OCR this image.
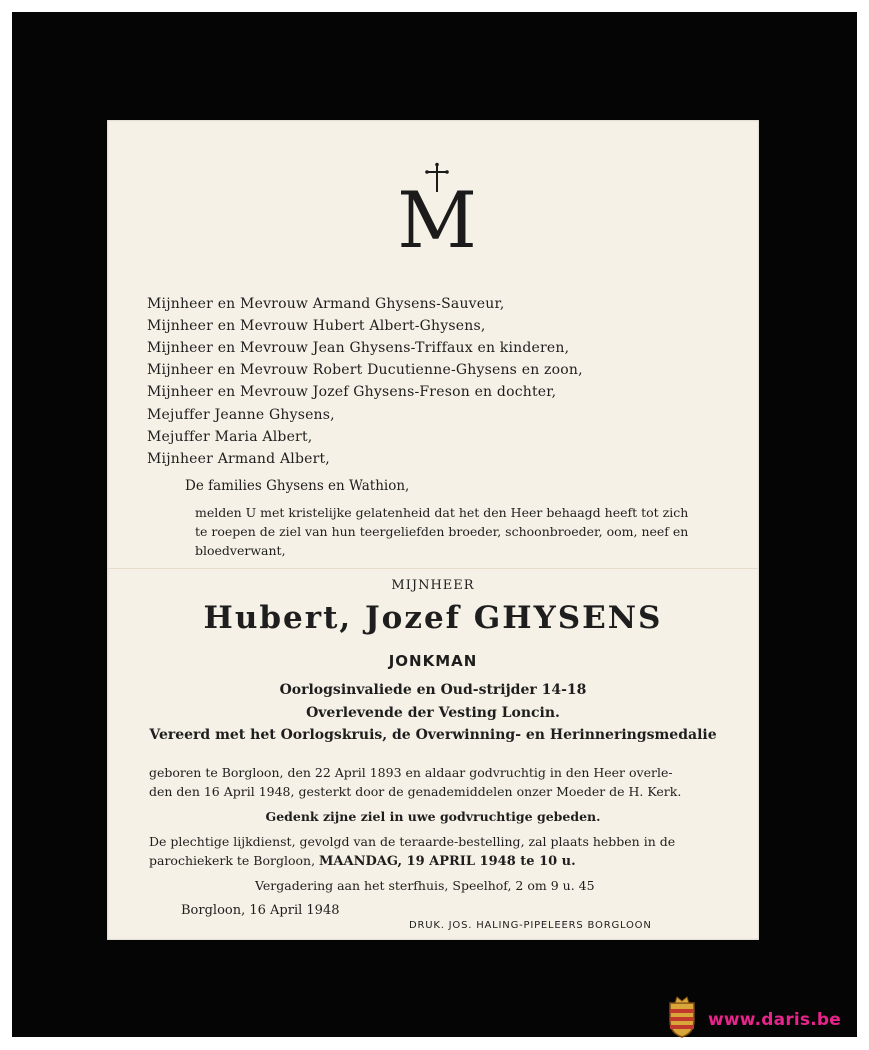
M
Mijnheer en Mevrouw Armand Ghysens-Sauveur,
Mijnheer en Mevrouw Hubert Albert-Ghysens,
Mijnheer en Mevrouw Jean Ghysens-Triffaux en kinderen,
Mijnheer en Mevrouw Robert Ducutienne-Ghysens en zoon,
Mijnheer en Mevrouw Jozef Ghysens-Freson en dochter,
Mejuffer Jeanne Ghysens,
Mejuffer Maria Albert,
Mijnheer Armand Albert,
De families Ghysens en Wathion,
melden U met kristelijke gelatenheid dat het den Heer behaagd heeft tot zich
te roepen de ziel van hun teergeliefden broeder, schoonbroeder, oom, neef en
bloedverwant,
MIJNHEER
Hubert, Jozef GHYSENS
JONKMAN
Oorlogsinvaliede en Oud-strijder 14-18
Overlevende der Vesting Loncin.
Vereerd met het Oorlogskruis, de Overwinning- en Herinneringsmedalie
geboren te Borgloon, den 22 April 1893 en aldaar godvruchtig in den Heer overle-
den den 16 April 1948, gesterkt door de genademiddelen onzer Moeder de H. Kerk.
Gedenk zijne ziel in uwe godvruchtige gebeden.
De plechtige lijkdienst, gevolgd van de teraarde-bestelling, zal plaats hebben in de
parochiekerk te Borgloon, MAANDAG, 19 APRIL 1948 te 10 u.
Vergadering aan het sterfhuis, Speelhof, 2 om 9 u. 45
Borgloon, 16 April 1948
DRUK. JOS. HALING-PIPELEERS BORGLOON
www.daris.be
